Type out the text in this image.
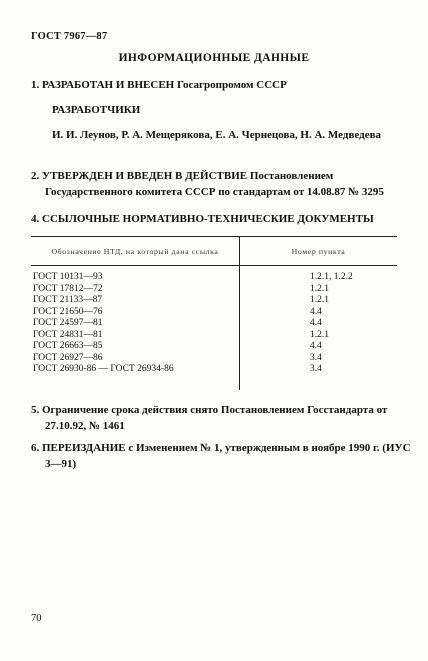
ГОСТ 7967—87
ИНФОРМАЦИОННЫЕ ДАННЫЕ
1. РАЗРАБОТАН И ВНЕСЕН Госагропромом СССР
РАЗРАБОТЧИКИ
И. И. Леунов, Р. А. Мещерякова, Е. А. Чернецова, Н. А. Медведева
2. УТВЕРЖДЕН И ВВЕДЕН В ДЕЙСТВИЕ Постановлением Государственного комитета СССР по стандартам от 14.08.87 № 3295
4. ССЫЛОЧНЫЕ НОРМАТИВНО-ТЕХНИЧЕСКИЕ ДОКУМЕНТЫ
Обозначение НТД, на который дана ссылка	Номер пункта
ГОСТ 10131—93	1.2.1, 1.2.2
ГОСТ 17812—72	1.2.1
ГОСТ 21133—87	1.2.1
ГОСТ 21650—76	4.4
ГОСТ 24597—81	4.4
ГОСТ 24831—81	1.2.1
ГОСТ 26663—85	4.4
ГОСТ 26927—86	3.4
ГОСТ 26930-86 — ГОСТ 26934-86	3.4
5. Ограничение срока действия снято Постановлением Госстандарта от 27.10.92, № 1461
6. ПЕРЕИЗДАНИЕ с Изменением № 1, утвержденным в ноябре 1990 г. (ИУС 3—91)
70
